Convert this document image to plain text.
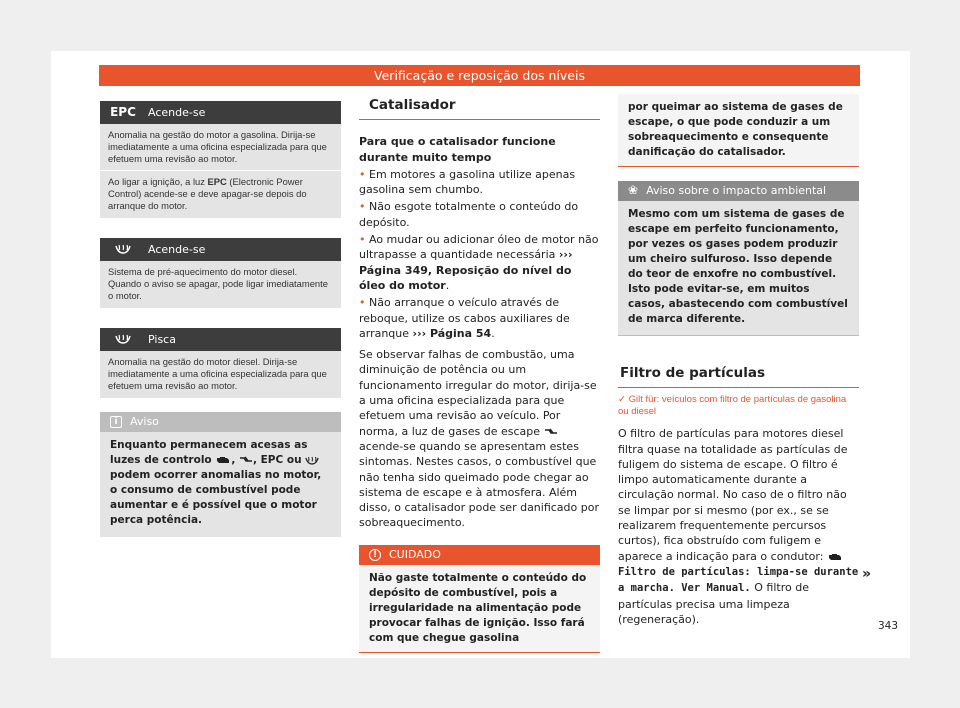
Verificação e reposição dos níveis
EPC	Acende-se
Anomalia na gestão do motor a gasolina. Dirija-se imediatamente a uma oficina especializada para que efetuem uma revisão ao motor.
Ao ligar a ignição, a luz EPC (Electronic Power Control) acende-se e deve apagar-se depois do arranque do motor.
Acende-se
Sistema de pré-aquecimento do motor diesel. Quando o aviso se apagar, pode ligar imediatamente o motor.
Pisca
Anomalia na gestão do motor diesel. Dirija-se imediatamente a uma oficina especializada para que efetuem uma revisão ao motor.
i	Aviso
Enquanto permanecem acesas as luzes de controlo , , EPC ou  podem ocorrer anomalias no motor, o consumo de combustível pode aumentar e é possível que o motor perca potência.
Catalisador
Para que o catalisador funcione durante muito tempo
• Em motores a gasolina utilize apenas gasolina sem chumbo.
• Não esgote totalmente o conteúdo do depósito.
• Ao mudar ou adicionar óleo de motor não ultrapasse a quantidade necessária ››› Página 349, Reposição do nível do óleo do motor.
• Não arranque o veículo através de reboque, utilize os cabos auxiliares de arranque ››› Página 54.
Se observar falhas de combustão, uma diminuição de potência ou um funcionamento irregular do motor, dirija-se a uma oficina especializada para que efetuem uma revisão ao veículo. Por norma, a luz de gases de escape  acende-se quando se apresentam estes sintomas. Nestes casos, o combustível que não tenha sido queimado pode chegar ao sistema de escape e à atmosfera. Além disso, o catalisador pode ser danificado por sobreaquecimento.
!	CUIDADO
Não gaste totalmente o conteúdo do depósito de combustível, pois a irregularidade na alimentação pode provocar falhas de ignição. Isso fará com que chegue gasolina
por queimar ao sistema de gases de escape, o que pode conduzir a um sobreaquecimento e consequente danificação do catalisador.
❀ Aviso sobre o impacto ambiental
Mesmo com um sistema de gases de escape em perfeito funcionamento, por vezes os gases podem produzir um cheiro sulfuroso. Isso depende do teor de enxofre no combustível. Isto pode evitar-se, em muitos casos, abastecendo com combustível de marca diferente.
Filtro de partículas
✓ Gilt für: veículos com filtro de partículas de gasolina ou diesel
O filtro de partículas para motores diesel filtra quase na totalidade as partículas de fuligem do sistema de escape. O filtro é limpo automaticamente durante a circulação normal. No caso de o filtro não se limpar por si mesmo (por ex., se se realizarem frequentemente percursos curtos), fica obstruído com fuligem e aparece a indicação para o condutor:  Filtro de partículas: limpa-se durante a marcha. Ver Manual. O filtro de partículas precisa uma limpeza (regeneração).
»
343
